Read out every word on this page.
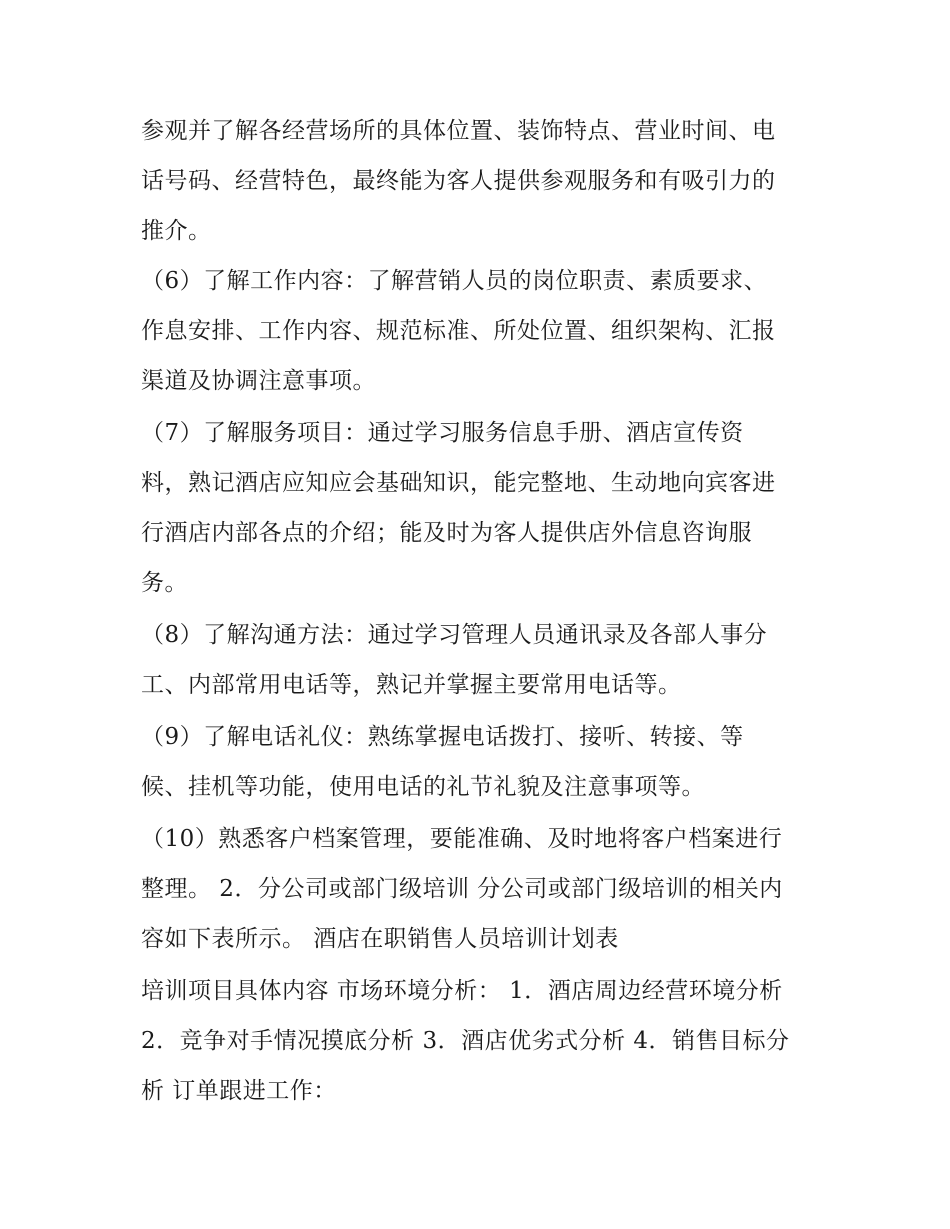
参观并了解各经营场所的具体位置、装饰特点、营业时间、电
话号码、经营特色，最终能为客人提供参观服务和有吸引力的
推介。
（6）了解工作内容：了解营销人员的岗位职责、素质要求、
作息安排、工作内容、规范标准、所处位置、组织架构、汇报
渠道及协调注意事项。
（7）了解服务项目：通过学习服务信息手册、酒店宣传资
料，熟记酒店应知应会基础知识，能完整地、生动地向宾客进
行酒店内部各点的介绍；能及时为客人提供店外信息咨询服
务。
（8）了解沟通方法：通过学习管理人员通讯录及各部人事分
工、内部常用电话等，熟记并掌握主要常用电话等。
（9）了解电话礼仪：熟练掌握电话拨打、接听、转接、等
候、挂机等功能，使用电话的礼节礼貌及注意事项等。
（10）熟悉客户档案管理，要能准确、及时地将客户档案进行
整理。 2．分公司或部门级培训 分公司或部门级培训的相关内
容如下表所示。 酒店在职销售人员培训计划表
培训项目具体内容 市场环境分析： 1．酒店周边经营环境分析
2．竞争对手情况摸底分析 3．酒店优劣式分析 4．销售目标分
析 订单跟进工作：
